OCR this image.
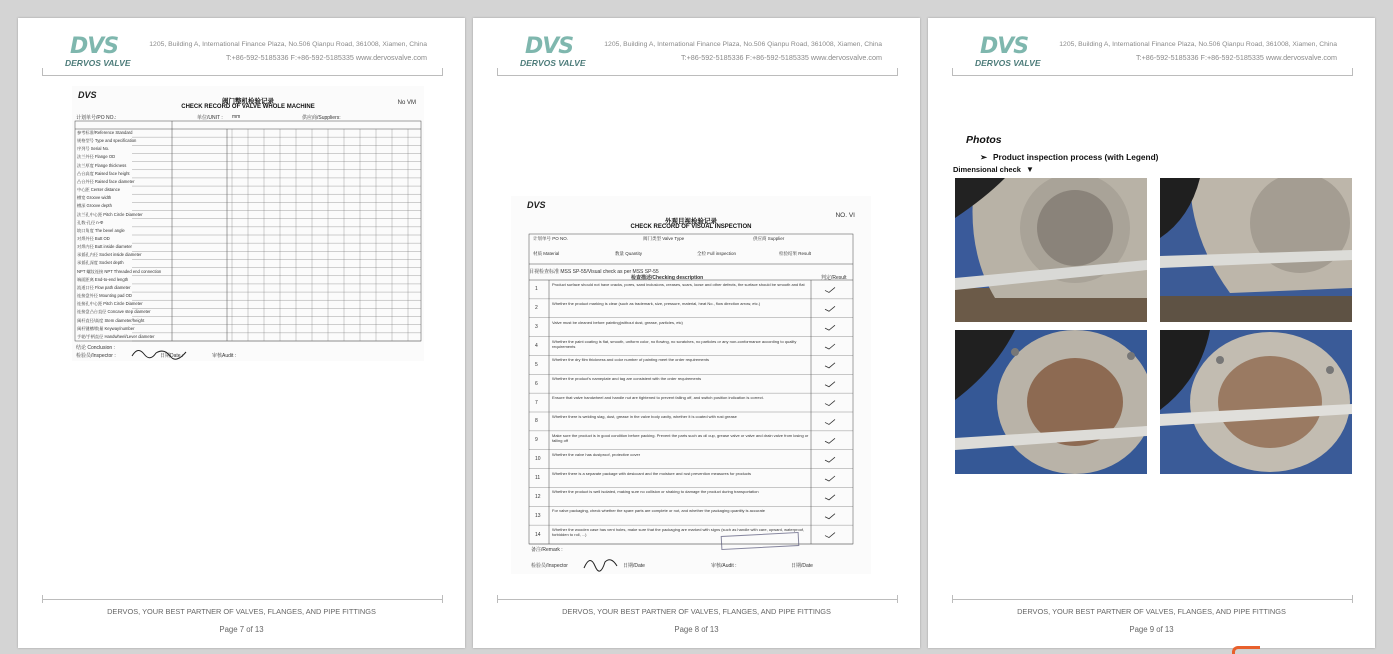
DVS
DERVOS VALVE
1205, Building A, International Finance Plaza, No.506 Qianpu Road, 361008, Xiamen, China
T:+86-592-5185336 F:+86-592-5185335 www.dervosvalve.com
DVS
阀门整机检验记录
CHECK RECORD OF VALVE WHOLE MACHINE
No VM
计划单号/PO NO.:	单位/UNIT : mm	供应商/Suppliers:
参考标准/Reference Standard
规格型号 Type and specification
序列号 Serial No.
法兰外径 Flange OD
法兰厚度 Flange thickness
凸台高度 Raised face height
凸台外径 Raised face diameter
中心距 Center distance
槽宽 Groove width
槽深 Groove depth
法兰孔中心距 Pitch Circle Diameter
孔数-孔径 n-Φ
坡口角度 The bevel angle
对焊外径 Butt OD
对焊内径 Butt inside diameter
承插孔内径 Socket inside diameter
承插孔深度 Socket depth
NPT 螺纹连接 NPT Threaded end connection
端面距离 End-to-end length
流道口径 Flow path diameter
连接盘外径 Mounting pad OD
连接孔中心距 Pitch Circle Diameter
连接盘凸台直径 Concave step diameter
阀杆直径/高度 Stem diameter/height
阀杆键槽/数量 Keyway/number
手轮/手柄直径 Handwheel/Lever diameter
结论 Conclusion :
检验员/Inspector :	日期Date :	审核Audit :
DERVOS, YOUR BEST PARTNER OF VALVES, FLANGES, AND PIPE FITTINGS
Page 7 of 13
DVS
DERVOS VALVE
1205, Building A, International Finance Plaza, No.506 Qianpu Road, 361008, Xiamen, China
T:+86-592-5185336 F:+86-592-5185335 www.dervosvalve.com
DVS
外观目视检验记录
CHECK RECORD OF VISUAL INSPECTION
NO. VI
计划单号 PO NO.	阀门类型 Valve Type	供应商 Supplier
材质 Material	数量 Quantity	全检 Full inspection	检验结果 Result
目视检查标准 MSS SP-55/Visual check as per MSS SP-55
检查描述/Checking description	判定/Result
1
Product surface should not have cracks, pores, sand inclusions, creases, scars, loose and other defects, the surface should be smooth and flat
2
Whether the product marking is clear (such as trademark, size, pressure, material, heat No., flow direction arrow, etc.)
3
Valve must be cleaned before painting(without dust, grease, particles, etc)
4
Whether the paint coating is flat, smooth, uniform color, no flowing, no scratches, no particles or any non-conformance according to quality requirements
5
Whether the dry film thickness and color number of painting meet the order requirements
6
Whether the product's nameplate and tag are consistent with the order requirements
7
Ensure that valve handwheel and handle nut are tightened to prevent falling off, and switch position indication is correct.
8
Whether there is welding slag, dust, grease in the valve body cavity, whether it is coated with rust grease
9
Make sure the product is in good condition before packing. Prevent the parts such as oil cup, grease valve or valve and drain valve from losing or falling off
10
Whether the valve has dustproof, protective cover
11
Whether there is a separate package with desiccant and the moisture and rust prevention measures for products
12
Whether the product is well isolated, making sure no collision or shaking to damage the product during transportation
13
For valve packaging, check whether the spare parts are complete or not, and whether the packaging quantity is accurate
14
Whether the wooden case has vent holes, make sure that the packaging are marked with signs (such as handle with care, upward, waterproof, forbidden to roll, ...)
备注/Remark :
检验员/Inspector	日期/Date	审核/Audit :	日期/Date
DERVOS, YOUR BEST PARTNER OF VALVES, FLANGES, AND PIPE FITTINGS
Page 8 of 13
DVS
DERVOS VALVE
1205, Building A, International Finance Plaza, No.506 Qianpu Road, 361008, Xiamen, China
T:+86-592-5185336 F:+86-592-5185335 www.dervosvalve.com
Photos
➢ Product inspection process (with Legend)
Dimensional check ▼
DERVOS, YOUR BEST PARTNER OF VALVES, FLANGES, AND PIPE FITTINGS
Page 9 of 13
